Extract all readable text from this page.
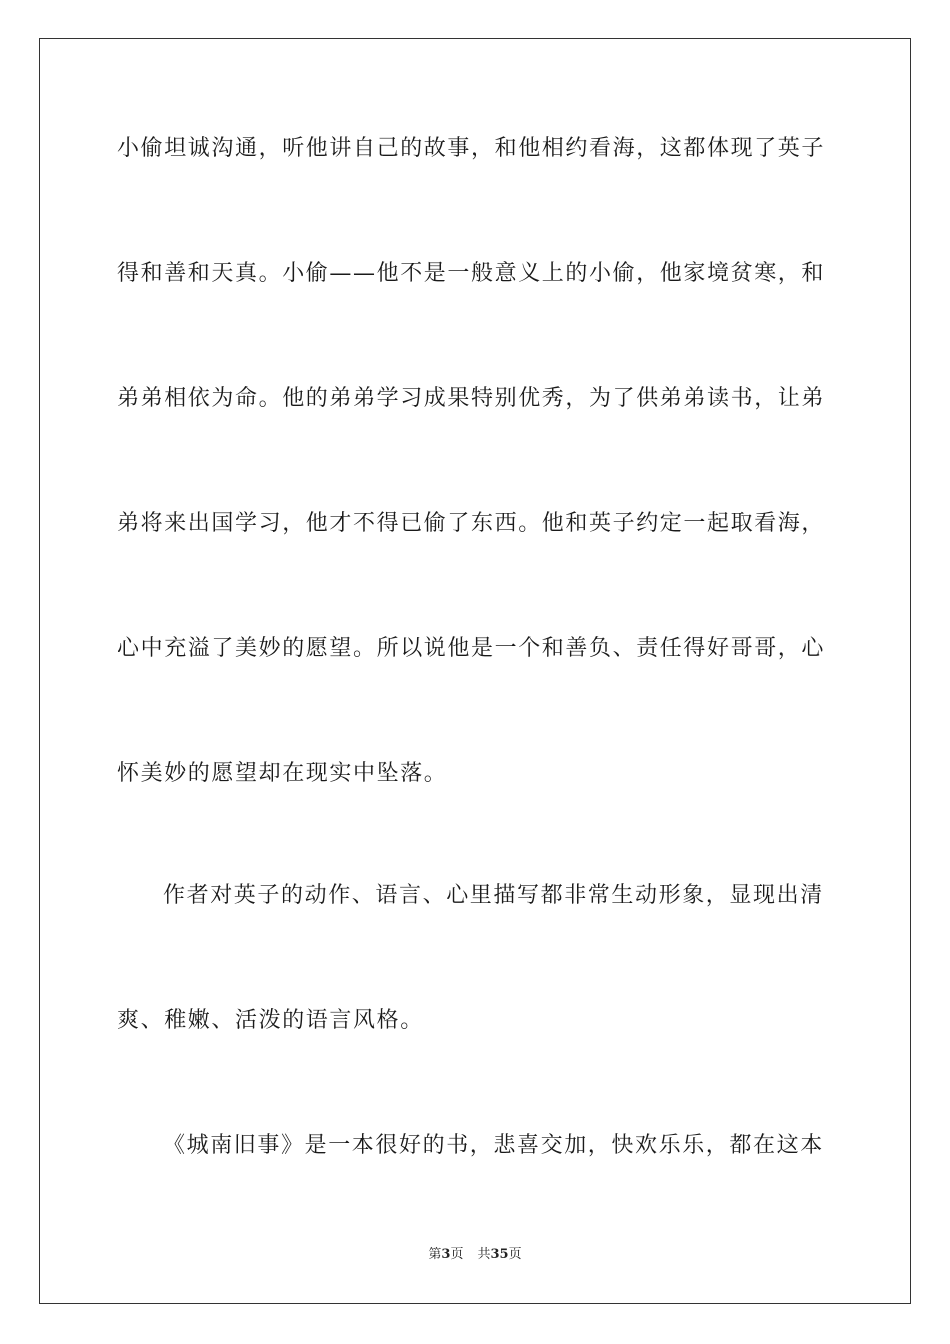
小偷坦诚沟通，听他讲自己的故事，和他相约看海，这都体现了英子
得和善和天真。小偷——他不是一般意义上的小偷，他家境贫寒，和
弟弟相依为命。他的弟弟学习成果特别优秀，为了供弟弟读书，让弟
弟将来出国学习，他才不得已偷了东西。他和英子约定一起取看海，
心中充溢了美妙的愿望。所以说他是一个和善负、责任得好哥哥，心
怀美妙的愿望却在现实中坠落。
作者对英子的动作、语言、心里描写都非常生动形象，显现出清
爽、稚嫩、活泼的语言风格。
《城南旧事》是一本很好的书，悲喜交加，快欢乐乐，都在这本
第3页 共35页
